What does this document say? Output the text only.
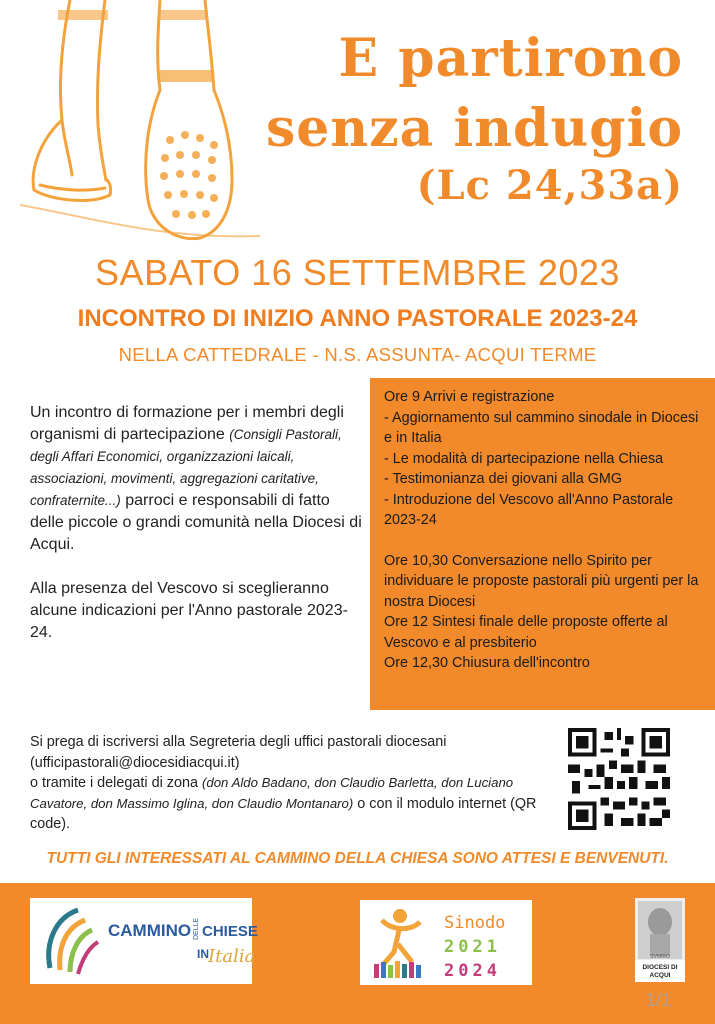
E partirono
senza indugio
(Lc 24,33a)
SABATO 16 SETTEMBRE 2023
INCONTRO DI INIZIO ANNO PASTORALE 2023-24
NELLA CATTEDRALE - N.S. ASSUNTA- ACQUI TERME

Un incontro di formazione per i membri degli organismi di partecipazione (Consigli Pastorali, degli Affari Economici, organizzazioni laicali, associazioni, movimenti, aggregazioni caritative, confraternite...) parroci e responsabili di fatto delle piccole o grandi comunità nella Diocesi di Acqui.

Alla presenza del Vescovo si sceglieranno alcune indicazioni per l'Anno pastorale 2023-24.

Ore 9 Arrivi e registrazione
- Aggiornamento sul cammino sinodale in Diocesi e in Italia
- Le modalità di partecipazione nella Chiesa
- Testimonianza dei giovani alla GMG
- Introduzione del Vescovo all'Anno Pastorale 2023-24
Ore 10,30 Conversazione nello Spirito per individuare le proposte pastorali più urgenti per la nostra Diocesi
Ore 12 Sintesi finale delle proposte offerte al Vescovo e al presbiterio
Ore 12,30 Chiusura dell'incontro
Si prega di iscriversi alla Segreteria degli uffici pastorali diocesani (ufficipastorali@diocesidiacqui.it)
o tramite i delegati di zona (don Aldo Badano, don Claudio Barletta, don Luciano Cavatore, don Massimo Iglina, don Claudio Montanaro) o con il modulo internet (QR code).
TUTTI GLI INTERESSATI AL CAMMINO DELLA CHIESA SONO ATTESI E BENVENUTI.
CAMMINO DELLE
IN
CHIESE
Italia
Sinodo
2021
2024
SVMIRO
DIOCESI DI ACQUI
1/1
